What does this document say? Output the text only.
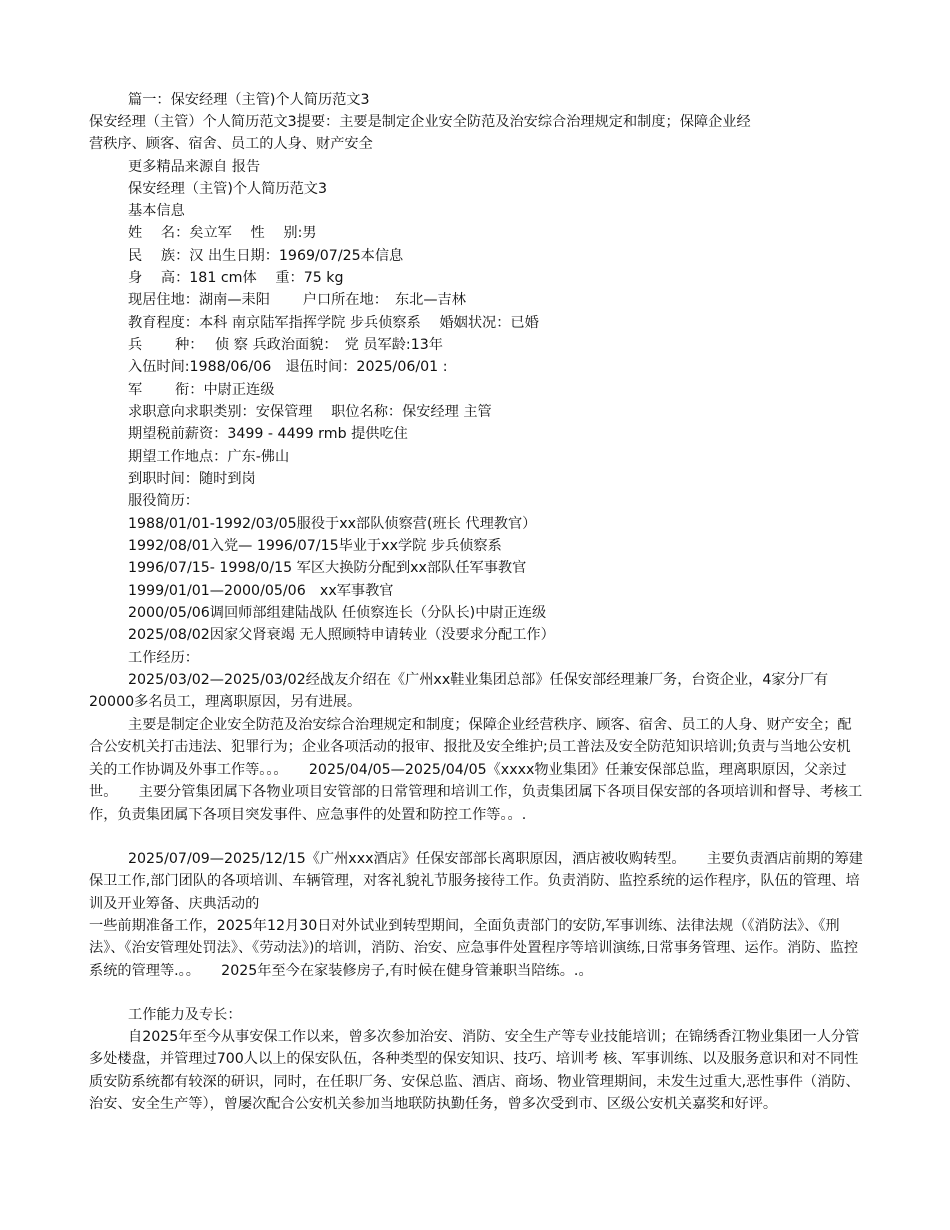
篇一：保安经理（主管)个人简历范文3
保安经理（主管）个人简历范文3提要：主要是制定企业安全防范及治安综合治理规定和制度；保障企业经
营秩序、顾客、宿舍、员工的人身、财产安全
更多精品来源自 报告
保安经理（主管)个人简历范文3
基本信息
姓　 名：矣立军　 性　 别:男
民　 族：汉 出生日期：1969/07/25本信息
身　 高：181 cm体　 重：75 kg
现居住地：湖南—耒阳　　 户口所在地：　东北—吉林
教育程度：本科 南京陆军指挥学院 步兵侦察系　 婚姻状况：已婚
兵　　 种：　 侦 察 兵政治面貌：　党 员军龄:13年
入伍时间:1988/06/06　退伍时间：2025/06/01 :
军　　 衔：中尉正连级
求职意向求职类别：安保管理　 职位名称：保安经理 主管
期望税前薪资：3499 - 4499 rmb 提供吃住
期望工作地点：广东-佛山
到职时间：随时到岗
服役简历：
1988/01/01-1992/03/05服役于xx部队侦察营(班长 代理教官）
1992/08/01入党— 1996/07/15毕业于xx学院 步兵侦察系
1996/07/15- 1998/0/15 军区大换防分配到xx部队任军事教官
1999/01/01—2000/05/06　xx军事教官
2000/05/06调回师部组建陆战队 任侦察连长（分队长)中尉正连级
2025/08/02因家父肾衰竭 无人照顾特申请转业（没要求分配工作）
工作经历：
2025/03/02—2025/03/02经战友介绍在《广州xx鞋业集团总部》任保安部经理兼厂务，台资企业，4家分厂有20000多名员工，理离职原因，另有进展。
主要是制定企业安全防范及治安综合治理规定和制度；保障企业经营秩序、顾客、宿舍、员工的人身、财产安全；配合公安机关打击违法、犯罪行为；企业各项活动的报审、报批及安全维护;员工普法及安全防范知识培训;负责与当地公安机关的工作协调及外事工作等。。。　　2025/04/05—2025/04/05《xxxx物业集团》任兼安保部总监，理离职原因，父亲过世。　　主要分管集团属下各物业项目安管部的日常管理和培训工作，负责集团属下各项目保安部的各项培训和督导、考核工作，负责集团属下各项目突发事件、应急事件的处置和防控工作等。。.
2025/07/09—2025/12/15《广州xxx酒店》任保安部部长离职原因，酒店被收购转型。　　主要负责酒店前期的筹建保卫工作,部门团队的各项培训、车辆管理，对客礼貌礼节服务接待工作。负责消防、监控系统的运作程序，队伍的管理、培训及开业筹备、庆典活动的
一些前期准备工作，2025年12月30日对外试业到转型期间，全面负责部门的安防,军事训练、法律法规（《消防法》、《刑法》、《治安管理处罚法》、《劳动法》)的培训，消防、治安、应急事件处置程序等培训演练,日常事务管理、运作。消防、监控系统的管理等.。。　　2025年至今在家装修房子,有时候在健身管兼职当陪练。.。
工作能力及专长：
自2025年至今从事安保工作以来，曾多次参加治安、消防、安全生产等专业技能培训；在锦绣香江物业集团一人分管多处楼盘，并管理过700人以上的保安队伍，各种类型的保安知识、技巧、培训考 核、军事训练、以及服务意识和对不同性质安防系统都有较深的研识，同时，在任职厂务、安保总监、酒店、商场、物业管理期间，未发生过重大,恶性事件（消防、治安、安全生产等），曾屡次配合公安机关参加当地联防执勤任务，曾多次受到市、区级公安机关嘉奖和好评。
